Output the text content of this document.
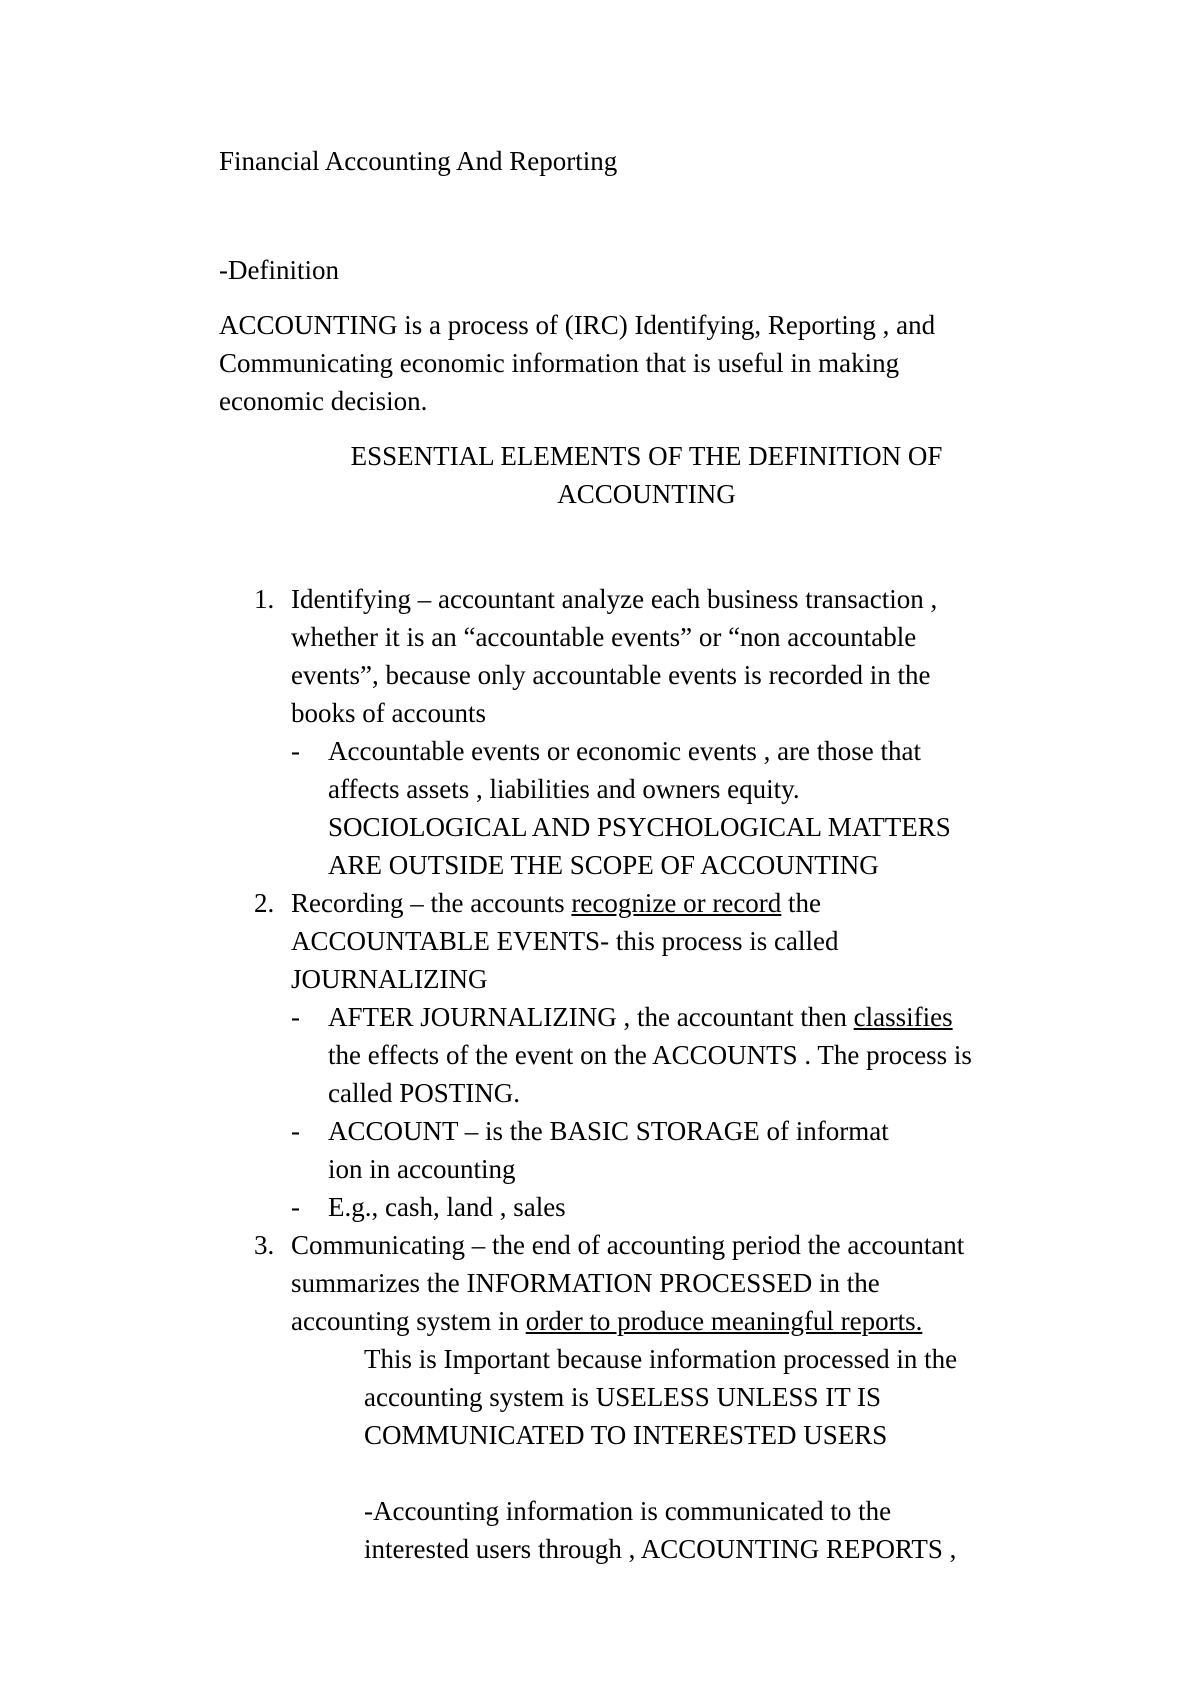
Financial Accounting And Reporting
-Definition
ACCOUNTING is a process of (IRC) Identifying, Reporting , and
Communicating economic information that is useful in making
economic decision.
ESSENTIAL ELEMENTS OF THE DEFINITION OF
ACCOUNTING
1. Identifying – accountant analyze each business transaction ,
whether it is an “accountable events” or “non accountable
events”, because only accountable events is recorded in the
books of accounts
- Accountable events or economic events , are those that
affects assets , liabilities and owners equity.
SOCIOLOGICAL AND PSYCHOLOGICAL MATTERS
ARE OUTSIDE THE SCOPE OF ACCOUNTING
2. Recording – the accounts recognize or record the
ACCOUNTABLE EVENTS- this process is called
JOURNALIZING
- AFTER JOURNALIZING , the accountant then classifies
the effects of the event on the ACCOUNTS . The process is
called POSTING.
- ACCOUNT – is the BASIC STORAGE of informat
ion in accounting
- E.g., cash, land , sales
3. Communicating – the end of accounting period the accountant
summarizes the INFORMATION PROCESSED in the
accounting system in order to produce meaningful reports.
This is Important because information processed in the
accounting system is USELESS UNLESS IT IS
COMMUNICATED TO INTERESTED USERS
-Accounting information is communicated to the
interested users through , ACCOUNTING REPORTS ,
